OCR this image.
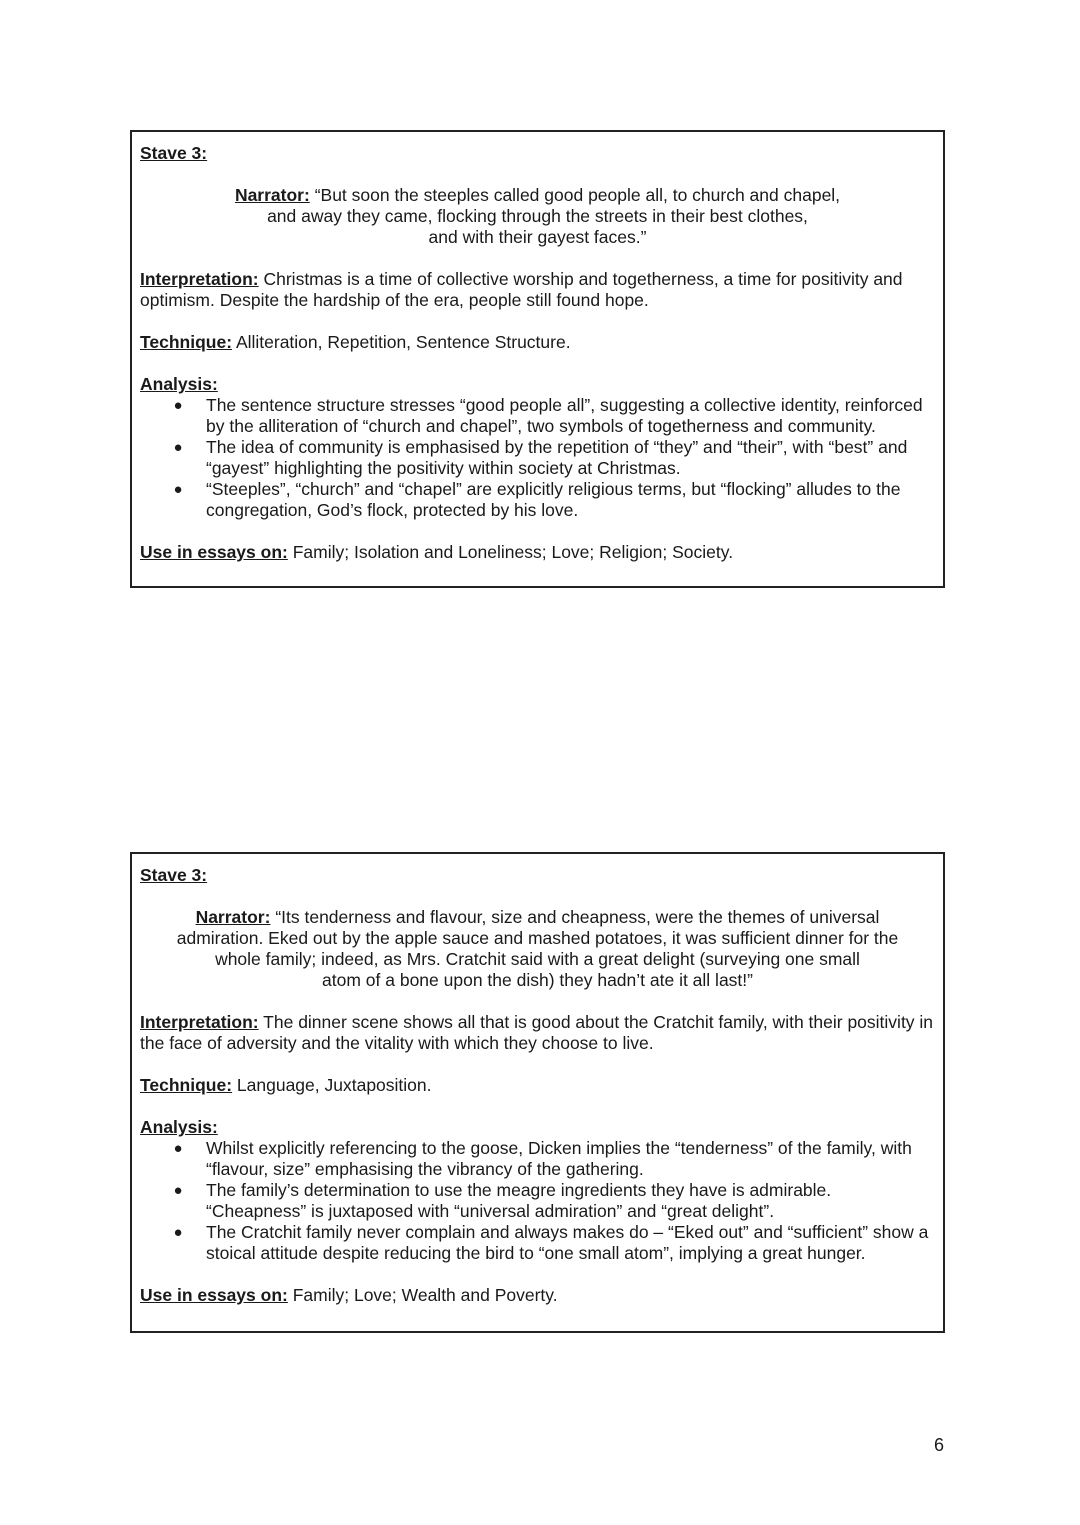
Stave 3:
Narrator: “But soon the steeples called good people all, to church and chapel,
and away they came, flocking through the streets in their best clothes,
and with their gayest faces.”
Interpretation: Christmas is a time of collective worship and togetherness, a time for positivity and optimism. Despite the hardship of the era, people still found hope.
Technique: Alliteration, Repetition, Sentence Structure.
Analysis:
● The sentence structure stresses “good people all”, suggesting a collective identity, reinforced by the alliteration of “church and chapel”, two symbols of togetherness and community.
● The idea of community is emphasised by the repetition of “they” and “their”, with “best” and “gayest” highlighting the positivity within society at Christmas.
● “Steeples”, “church” and “chapel” are explicitly religious terms, but “flocking” alludes to the congregation, God’s flock, protected by his love.
Use in essays on: Family; Isolation and Loneliness; Love; Religion; Society.
Stave 3:
Narrator: “Its tenderness and flavour, size and cheapness, were the themes of universal
admiration. Eked out by the apple sauce and mashed potatoes, it was sufficient dinner for the
whole family; indeed, as Mrs. Cratchit said with a great delight (surveying one small
atom of a bone upon the dish) they hadn’t ate it all last!”
Interpretation: The dinner scene shows all that is good about the Cratchit family, with their positivity in the face of adversity and the vitality with which they choose to live.
Technique: Language, Juxtaposition.
Analysis:
● Whilst explicitly referencing to the goose, Dicken implies the “tenderness” of the family, with “flavour, size” emphasising the vibrancy of the gathering.
● The family’s determination to use the meagre ingredients they have is admirable. “Cheapness” is juxtaposed with “universal admiration” and “great delight”.
● The Cratchit family never complain and always makes do – “Eked out” and “sufficient” show a stoical attitude despite reducing the bird to “one small atom”, implying a great hunger.
Use in essays on: Family; Love; Wealth and Poverty.
6
